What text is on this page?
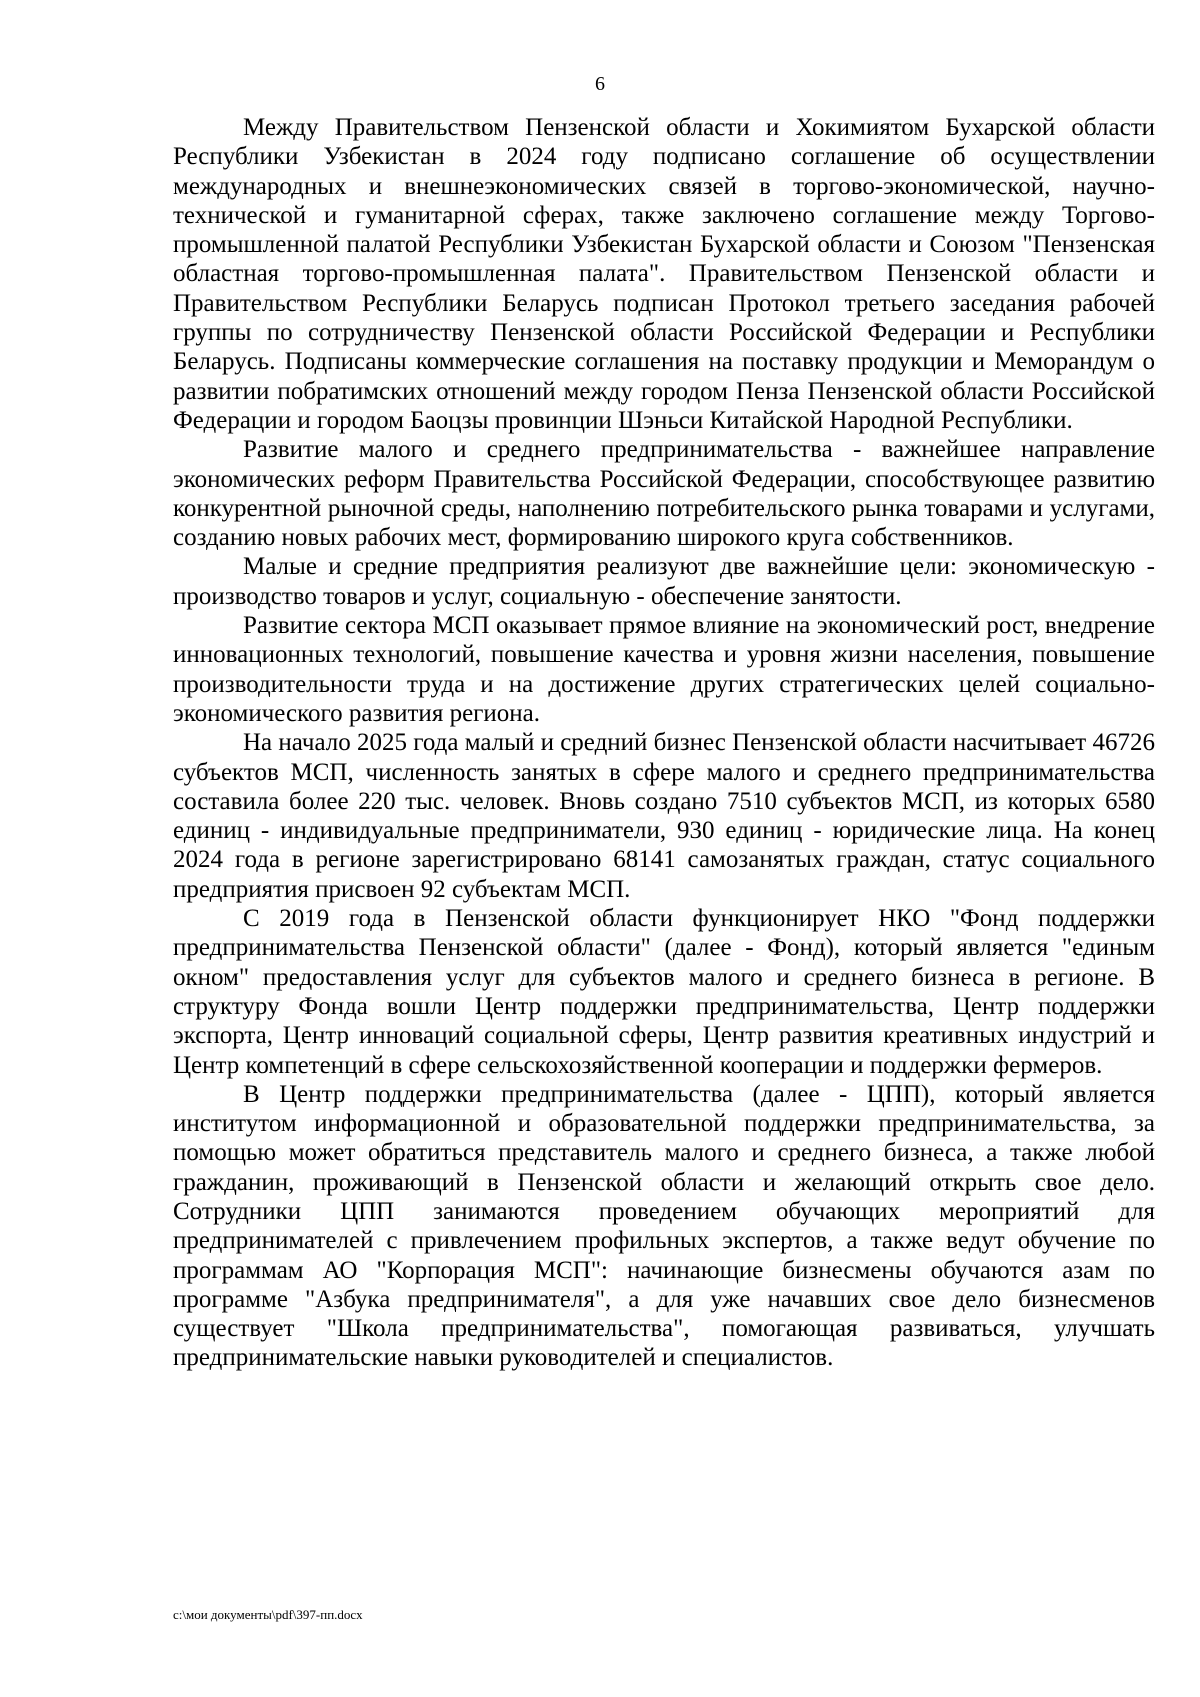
6

Между Правительством Пензенской области и Хокимиятом Бухарской области Республики Узбекистан в 2024 году подписано соглашение об осуществлении международных и внешнеэкономических связей в торгово-экономической, научно-технической и гуманитарной сферах, также заключено соглашение между Торгово-промышленной палатой Республики Узбекистан Бухарской области и Союзом "Пензенская областная торгово-промышленная палата". Правительством Пензенской области и Правительством Республики Беларусь подписан Протокол третьего заседания рабочей группы по сотрудничеству Пензенской области Российской Федерации и Республики Беларусь. Подписаны коммерческие соглашения на поставку продукции и Меморандум о развитии побратимских отношений между городом Пенза Пензенской области Российской Федерации и городом Баоцзы провинции Шэньси Китайской Народной Республики.

Развитие малого и среднего предпринимательства - важнейшее направление экономических реформ Правительства Российской Федерации, способствующее развитию конкурентной рыночной среды, наполнению потребительского рынка товарами и услугами, созданию новых рабочих мест, формированию широкого круга собственников.

Малые и средние предприятия реализуют две важнейшие цели: экономическую - производство товаров и услуг, социальную - обеспечение занятости.

Развитие сектора МСП оказывает прямое влияние на экономический рост, внедрение инновационных технологий, повышение качества и уровня жизни населения, повышение производительности труда и на достижение других стратегических целей социально-экономического развития региона.

На начало 2025 года малый и средний бизнес Пензенской области насчитывает 46726 субъектов МСП, численность занятых в сфере малого и среднего предпринимательства составила более 220 тыс. человек. Вновь создано 7510 субъектов МСП, из которых 6580 единиц - индивидуальные предприниматели, 930 единиц - юридические лица. На конец 2024 года в регионе зарегистрировано 68141 самозанятых граждан, статус социального предприятия присвоен 92 субъектам МСП.

С 2019 года в Пензенской области функционирует НКО "Фонд поддержки предпринимательства Пензенской области" (далее - Фонд), который является "единым окном" предоставления услуг для субъектов малого и среднего бизнеса в регионе. В структуру Фонда вошли Центр поддержки предпринимательства, Центр поддержки экспорта, Центр инноваций социальной сферы, Центр развития креативных индустрий и Центр компетенций в сфере сельскохозяйственной кооперации и поддержки фермеров.

В Центр поддержки предпринимательства (далее - ЦПП), который является институтом информационной и образовательной поддержки предпринимательства, за помощью может обратиться представитель малого и среднего бизнеса, а также любой гражданин, проживающий в Пензенской области и желающий открыть свое дело. Сотрудники ЦПП занимаются проведением обучающих мероприятий для предпринимателей с привлечением профильных экспертов, а также ведут обучение по программам АО "Корпорация МСП": начинающие бизнесмены обучаются азам по программе "Азбука предпринимателя", а для уже начавших свое дело бизнесменов существует "Школа предпринимательства", помогающая развиваться, улучшать предпринимательские навыки руководителей и специалистов.

c:\мои документы\pdf\397-пп.docx
